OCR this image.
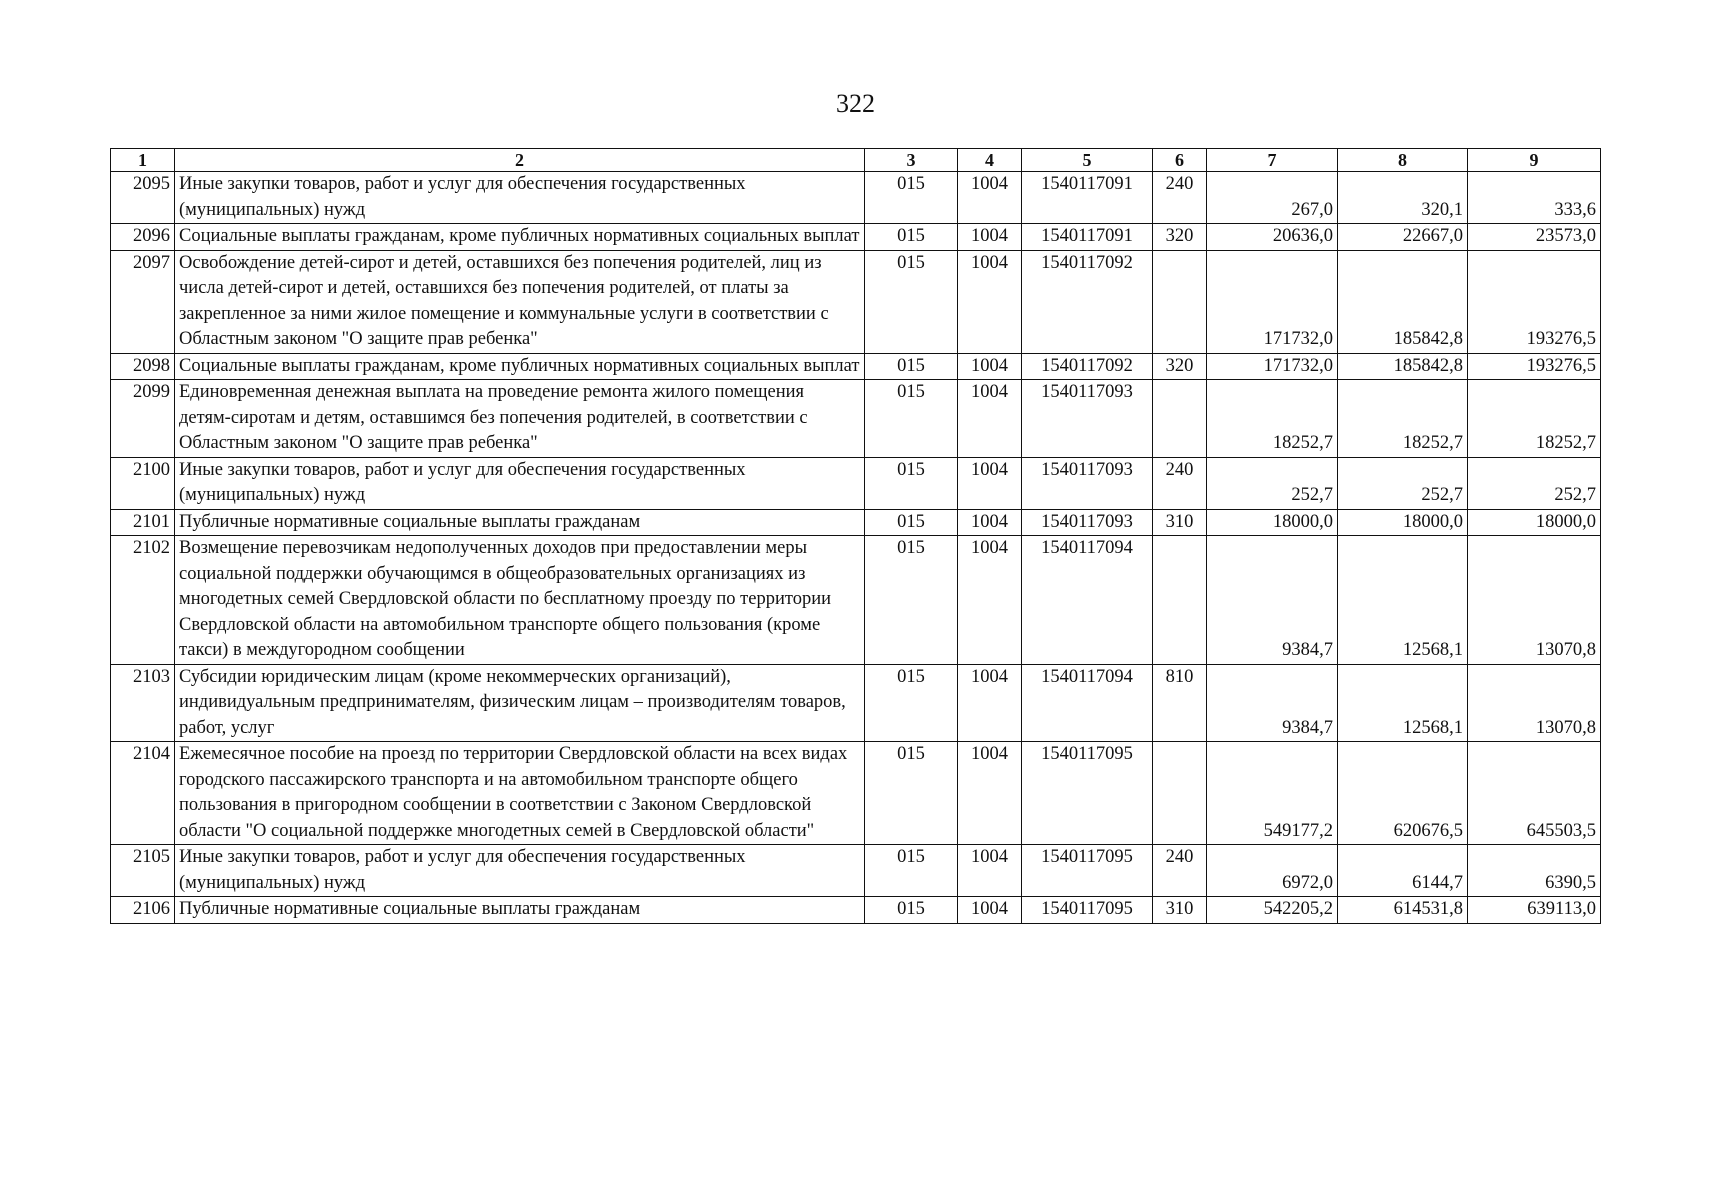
322
1	2	3	4	5	6	7	8	9
2095	Иные закупки товаров, работ и услуг для обеспечения государственных (муниципальных) нужд	015	1004	1540117091	240	267,0	320,1	333,6
2096	Социальные выплаты гражданам, кроме публичных нормативных социальных выплат	015	1004	1540117091	320	20636,0	22667,0	23573,0
2097	Освобождение детей-сирот и детей, оставшихся без попечения родителей, лиц из числа детей-сирот и детей, оставшихся без попечения родителей, от платы за закрепленное за ними жилое помещение и коммунальные услуги в соответствии с Областным законом "О защите прав ребенка"	015	1004	1540117092		171732,0	185842,8	193276,5
2098	Социальные выплаты гражданам, кроме публичных нормативных социальных выплат	015	1004	1540117092	320	171732,0	185842,8	193276,5
2099	Единовременная денежная выплата на проведение ремонта жилого помещения детям-сиротам и детям, оставшимся без попечения родителей, в соответствии с Областным законом "О защите прав ребенка"	015	1004	1540117093		18252,7	18252,7	18252,7
2100	Иные закупки товаров, работ и услуг для обеспечения государственных (муниципальных) нужд	015	1004	1540117093	240	252,7	252,7	252,7
2101	Публичные нормативные социальные выплаты гражданам	015	1004	1540117093	310	18000,0	18000,0	18000,0
2102	Возмещение перевозчикам недополученных доходов при предоставлении меры социальной поддержки обучающимся в общеобразовательных организациях из многодетных семей Свердловской области по бесплатному проезду по территории Свердловской области на автомобильном транспорте общего пользования (кроме такси) в междугородном сообщении	015	1004	1540117094		9384,7	12568,1	13070,8
2103	Субсидии юридическим лицам (кроме некоммерческих организаций), индивидуальным предпринимателям, физическим лицам – производителям товаров, работ, услуг	015	1004	1540117094	810	9384,7	12568,1	13070,8
2104	Ежемесячное пособие на проезд по территории Свердловской области на всех видах городского пассажирского транспорта и на автомобильном транспорте общего пользования в пригородном сообщении в соответствии с Законом Свердловской области "О социальной поддержке многодетных семей в Свердловской области"	015	1004	1540117095		549177,2	620676,5	645503,5
2105	Иные закупки товаров, работ и услуг для обеспечения государственных (муниципальных) нужд	015	1004	1540117095	240	6972,0	6144,7	6390,5
2106	Публичные нормативные социальные выплаты гражданам	015	1004	1540117095	310	542205,2	614531,8	639113,0
